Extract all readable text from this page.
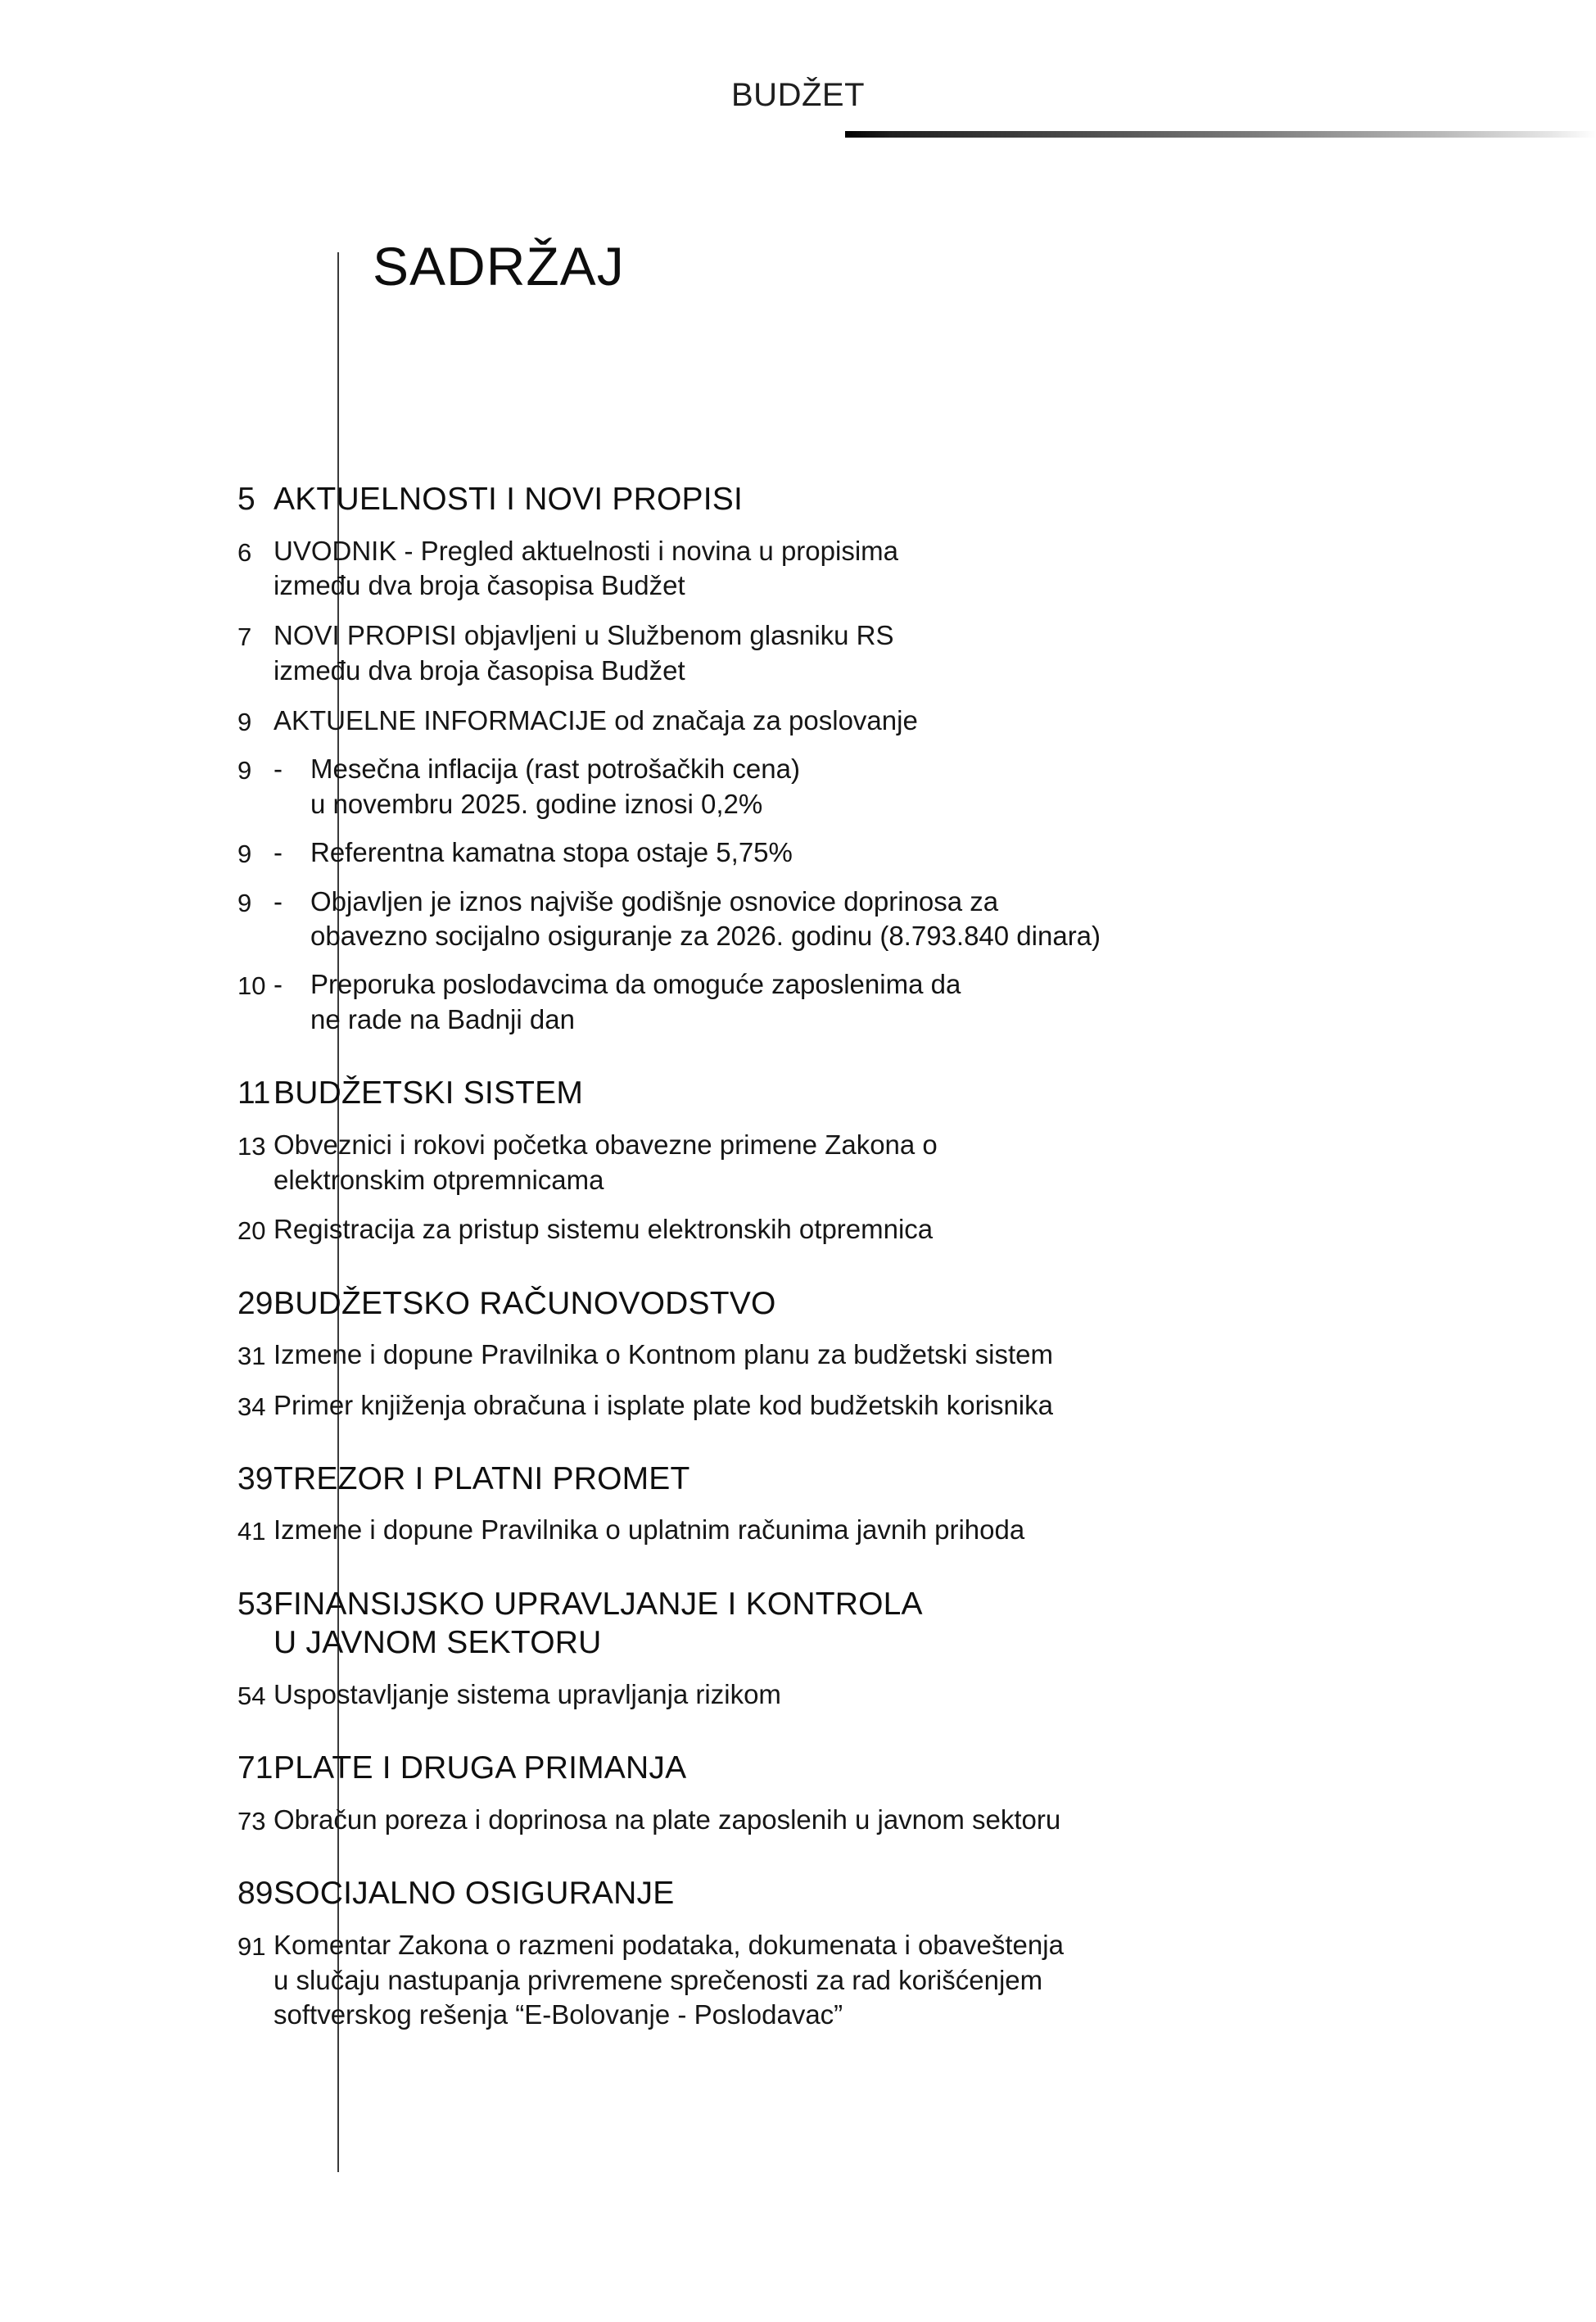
BUDŽET
SADRŽAJ
5 AKTUELNOSTI I NOVI PROPISI
6 UVODNIK - Pregled aktuelnosti i novina u propisima
između dva broja časopisa Budžet
7 NOVI PROPISI objavljeni u Službenom glasniku RS
između dva broja časopisa Budžet
9 AKTUELNE INFORMACIJE od značaja za poslovanje
9 -	Mesečna inflacija (rast potrošačkih cena)
u novembru 2025. godine iznosi 0,2%
9 -	Referentna kamatna stopa ostaje 5,75%
9 -	Objavljen je iznos najviše godišnje osnovice doprinosa za
obavezno socijalno osiguranje za 2026. godinu (8.793.840 dinara)
10 -	Preporuka poslodavcima da omoguće zaposlenima da
ne rade na Badnji dan
11 BUDŽETSKI SISTEM
13 Obveznici i rokovi početka obavezne primene Zakona o
elektronskim otpremnicama
20 Registracija za pristup sistemu elektronskih otpremnica
29 BUDŽETSKO RAČUNOVODSTVO
31 Izmene i dopune Pravilnika o Kontnom planu za budžetski sistem
34 Primer knjiženja obračuna i isplate plate kod budžetskih korisnika
39 TREZOR I PLATNI PROMET
41 Izmene i dopune Pravilnika o uplatnim računima javnih prihoda
53 FINANSIJSKO UPRAVLJANJE I KONTROLA
U JAVNOM SEKTORU
54 Uspostavljanje sistema upravljanja rizikom
71 PLATE I DRUGA PRIMANJA
73 Obračun poreza i doprinosa na plate zaposlenih u javnom sektoru
89 SOCIJALNO OSIGURANJE
91 Komentar Zakona o razmeni podataka, dokumenata i obaveštenja
u slučaju nastupanja privremene sprečenosti za rad korišćenjem
softverskog rešenja “E-Bolovanje - Poslodavac”
